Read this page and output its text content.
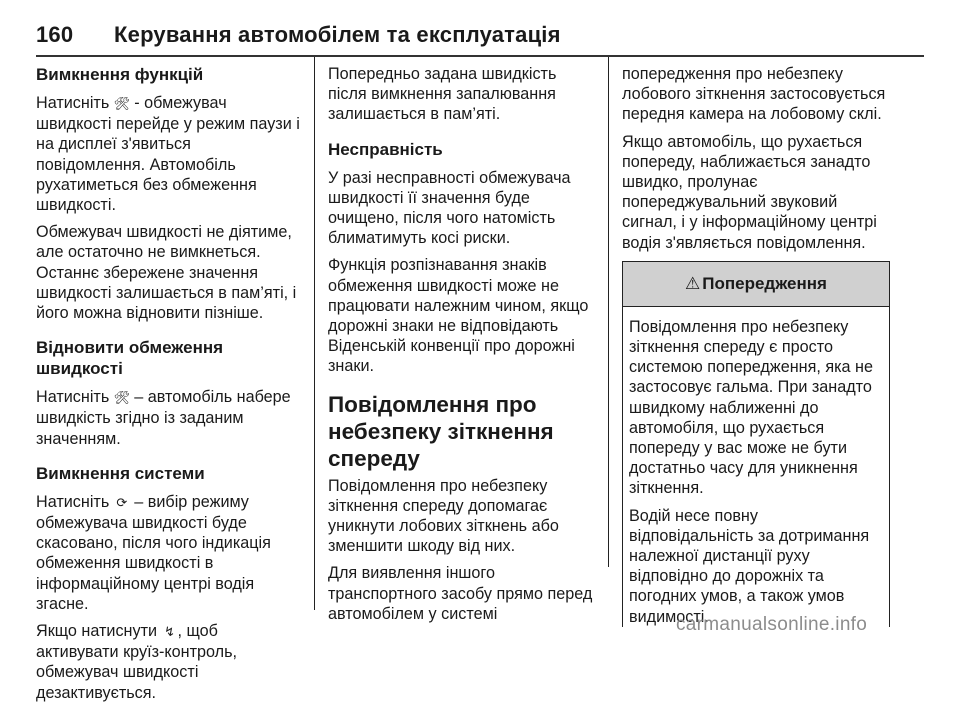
160 Керування автомобілем та експлуатація
Вимкнення функцій

Натисніть 🛠︎ - обмежувач швидкості перейде у режим паузи і на дисплеї з'явиться повідомлення. Автомобіль рухатиметься без обмеження швидкості.

Обмежувач швидкості не діятиме, але остаточно не вимкнеться. Останнє збережене значення швидкості залишається в пам’яті, і його можна відновити пізніше.

Відновити обмеження швидкості

Натисніть 🛠︎ – автомобіль набере швидкість згідно із заданим значенням.

Вимкнення системи

Натисніть ⟳ – вибір режиму обмежувача швидкості буде скасовано, після чого індикація обмеження швидкості в інформаційному центрі водія згасне.

Якщо натиснути ↯ , щоб активувати круїз-контроль, обмежувач швидкості дезактивується.

Попередньо задана швидкість після вимкнення запалювання залишається в пам’яті.

Несправність

У разі несправності обмежувача швидкості її значення буде очищено, після чого натомість блиматимуть косі риски.

Функція розпізнавання знаків обмеження швидкості може не працювати належним чином, якщо дорожні знаки не відповідають Віденській конвенції про дорожні знаки.

Повідомлення про небезпеку зіткнення спереду

Повідомлення про небезпеку зіткнення спереду допомагає уникнути лобових зіткнень або зменшити шкоду від них.

Для виявлення іншого транспортного засобу прямо перед автомобілем у системі

попередження про небезпеку лобового зіткнення застосовується передня камера на лобовому склі.

Якщо автомобіль, що рухається попереду, наближається занадто швидко, пролунає попереджувальний звуковий сигнал, і у інформаційному центрі водія з'являється повідомлення.

⚠︎ Попередження

Повідомлення про небезпеку зіткнення спереду є просто системою попередження, яка не застосовує гальма. При занадто швидкому наближенні до автомобіля, що рухається попереду у вас може не бути достатньо часу для уникнення зіткнення.

Водій несе повну відповідальність за дотримання належної дистанції руху відповідно до дорожніх та погодних умов, а також умов видимості.

carmanualsonline.info
